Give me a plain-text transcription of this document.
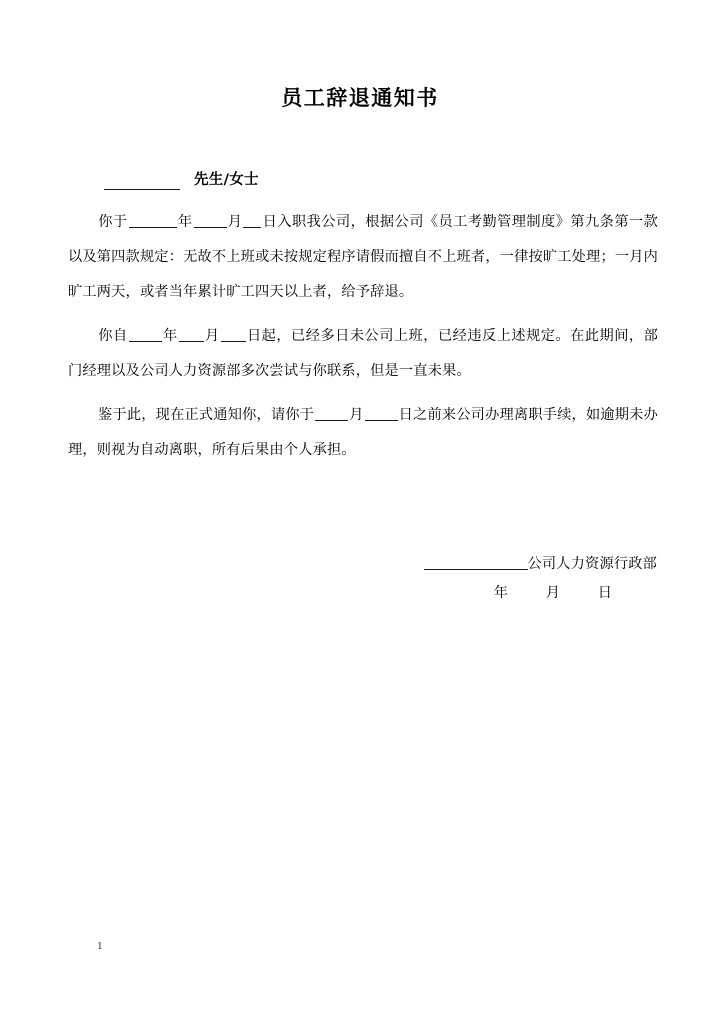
员工辞退通知书
先生/女士

你于	年 月 日入职我公司，根据公司《员工考勤管理制度》第九条第一款以及第四款规定：无故不上班或未按规定程序请假而擅自不上班者，一律按旷工处理；一月内旷工两天，或者当年累计旷工四天以上者，给予辞退。

你自 年 月 日起，已经多日未公司上班，已经违反上述规定。在此期间，部门经理以及公司人力资源部多次尝试与你联系，但是一直未果。

鉴于此，现在正式通知你，请你于 月 日之前来公司办理离职手续，如逾期未办理，则视为自动离职，所有后果由个人承担。

公司人力资源行政部
年	月	日
1
